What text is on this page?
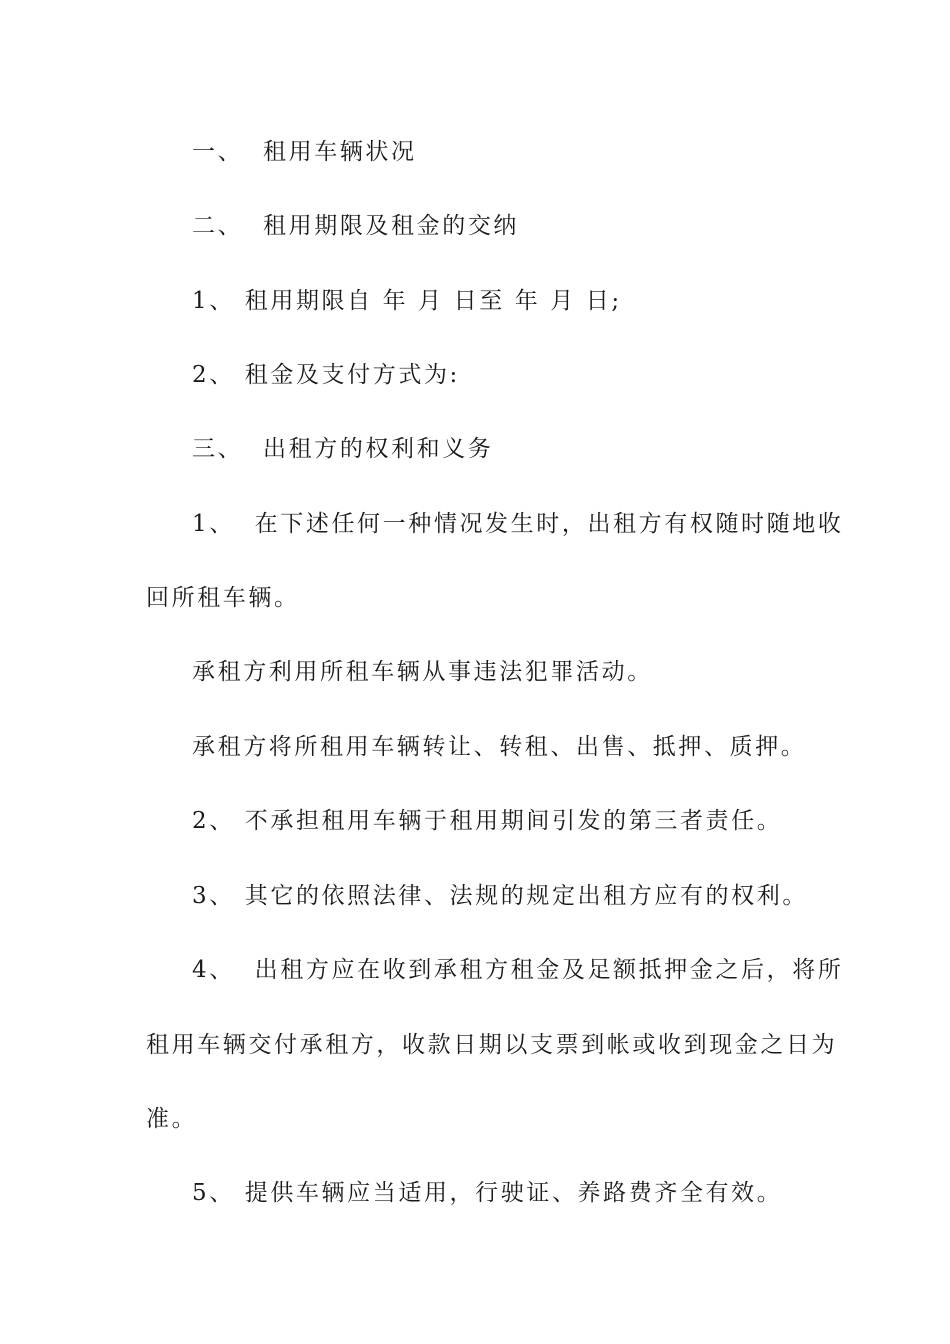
一、  租用车辆状况
二、  租用期限及租金的交纳
1、 租用期限自 年 月 日至 年 月 日;
2、 租金及支付方式为:
三、  出租方的权利和义务
1、  在下述任何一种情况发生时，出租方有权随时随地收
回所租车辆。
承租方利用所租车辆从事违法犯罪活动。
承租方将所租用车辆转让、转租、出售、抵押、质押。
2、 不承担租用车辆于租用期间引发的第三者责任。
3、 其它的依照法律、法规的规定出租方应有的权利。
4、  出租方应在收到承租方租金及足额抵押金之后，将所
租用车辆交付承租方，收款日期以支票到帐或收到现金之日为
准。
5、 提供车辆应当适用，行驶证、养路费齐全有效。
